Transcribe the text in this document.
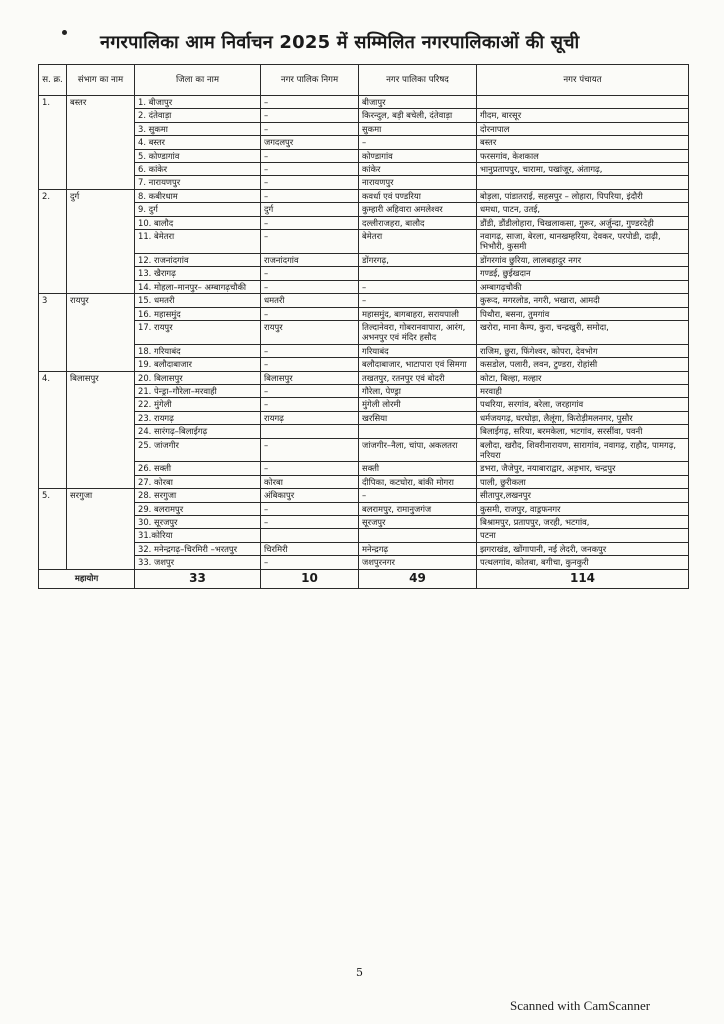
नगरपालिका आम निर्वाचन 2025 में सम्मिलित नगरपालिकाओं की सूची
स. क्र.	संभाग का नाम	जिला का नाम	नगर पालिक निगम	नगर पालिका परिषद	नगर पंचायत
1.	बस्तर	1. बीजापुर	–	बीजापुर	
		2. दंतेवाड़ा	–	किरन्दुल, बड़ी बचेली, दंतेवाड़ा	गीदम, बारसूर
		3. सुकमा	–	सुकमा	दोरनापाल
		4. बस्तर	जगदलपुर	–	बस्तर
		5. कोण्डागांव	–	कोण्डागांव	फरसगांव, केशकाल
		6. कांकेर	–	कांकेर	भानुप्रतापपुर, चारामा, पखांजूर, अंतागढ़,
		7. नारायणपुर	–	नारायणपुर	
2.	दुर्ग	8. कबीरधाम	–	कवर्धा एवं पण्डरिया	बोड़ला, पांडातराई, सहसपुर – लोहारा, पिपरिया, इंदौरी
		9. दुर्ग	दुर्ग	कुम्हारी अहिवारा अमलेश्वर	धमधा, पाटन, उतई,
		10. बालौद	–	दल्लीराजहरा, बालौद	डौंडी, डौंडीलोहारा, चिखलाकसा, गुरूर, अर्जुन्दा, गुण्डरदेही
		11. बेमेतरा	–	बेमेतरा	नवागढ़, साजा, बेरला, थानखम्हरिया, देवकर, परपोडी, दाढ़ी, भिभौरी, कुसमी
		12. राजनांदगांव	राजनांदगांव	डोंगरगढ़,	डोंगरगांव छुरिया, लालबहादुर नगर
		13. खैरागढ़	–		गण्डई, छुईखदान
		14. मोहला–मानपुर– अम्बागढ़चौकी	–	–	अम्बागढ़चौकी
3	रायपुर	15. धमतरी	धमतरी	–	कुरूद, मगरलोड, नगरी, भखारा, आमदी
		16. महासमुंद	–	महासमुंद, बागबाहरा, सरायपाली	पिथौरा, बसना, तुमगांव
		17. रायपुर	रायपुर	तिल्दानेवरा, गोबरानवापारा, आरंग, अभनपुर एवं मंदिर हसौद	खरोरा, माना कैम्प, कुरा, चन्द्रखुरी, समोदा,
		18. गरियाबंद	–	गरियाबंद	राजिम, छुरा, फिंगेश्वर, कोपरा, देवभोग
		19. बलौदाबाजार	–	बलौदाबाजार, भाटापारा एवं सिमगा	कसडोल, पलारी, लवन, टुण्डरा, रोहांसी
4.	बिलासपुर	20. बिलासपुर	बिलासपुर	तखतपुर, रतनपुर एवं बोदरी	कोटा, बिल्हा, मल्हार
		21. पेन्ड्रा–गौरेला–मरवाही	–	गौरेला, पेण्ड्रा	मरवाही
		22. मुंगेली	–	मुंगेली लोरमी	पथरिया, सरगांव, बरेला, जरहागांव
		23. रायगढ़	रायगढ़	खरसिया	धर्मजयगढ़, घरघोड़ा, लैलूंगा, किरोड़ीमलनगर, पुसौर
		24. सारंगढ़–बिलाईगढ़			बिलाईगढ़, सरिया, बरमकेला, भटगांव, सरसींवा, पवनी
		25. जांजगीर	–	जांजगीर–नैला, चांपा, अकलतरा	बलौदा, खरौद, शिवरीनारायण, सारागांव, नवागढ़, राहौद, पामगढ़, नरियरा
		26. सक्ती	–	सक्ती	डभरा, जैजेपुर, नयाबाराद्वार, अड़भार, चन्द्रपुर
		27. कोरबा	कोरबा	दीपिका, कटघोरा, बांकी मोगरा	पाली, छुरीकला
5.	सरगुजा	28. सरगुजा	अंबिकापुर	–	सीतापुर,लखनपुर
		29. बलरामपुर	–	बलरामपुर, रामानुजगंज	कुसमी, राजपुर, वाड्रफनगर
		30. सूरजपुर	–	सूरजपुर	बिश्रामपुर, प्रतापपुर, जरही, भटगांव,
		31.कोरिया			पटना
		32. मनेन्द्रगढ़–चिरमिरी –भरतपुर	चिरमिरी	मनेन्द्रगढ़	झगराखंड, खोंगापानी, नई लेदरी, जनकपुर
		33. जशपुर	–	जशपुरनगर	पत्थलगांव, कोतबा, बगीचा, कुनकुरी
महायोग		33	10	49	114
5
Scanned with CamScanner
